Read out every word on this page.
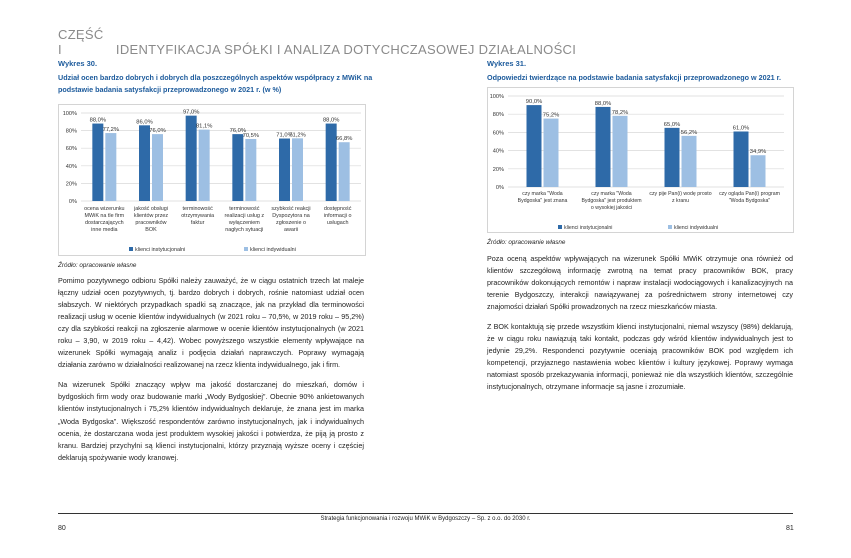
CZĘŚĆ I	IDENTYFIKACJA SPÓŁKI I ANALIZA DOTYCHCZASOWEJ DZIAŁALNOŚCI
Wykres 30.
Udział ocen bardzo dobrych i dobrych dla poszczególnych aspektów współpracy z MWiK na
podstawie badania satysfakcji przeprowadzonego w 2021 r. (w %)
0%
20%
40%
60%
80%
100%
88,0%
77,2%
ocena wizerunku
MWiK na tle firm
dostarczających
inne media
86,0%
76,0%
jakość obsługi
klientów przez
pracowników
BOK
97,0%
81,1%
terminowość
otrzymywania
faktur
76,0%
70,5%
terminowość
realizacji usług z
wyłączeniem
nagłych sytuacji
71,0%
71,2%
szybkość reakcji
Dyspozytora na
zgłoszenie o
awarii
88,0%
66,8%
dostępność
informacji o
usługach
klienci instytucjonalni	klienci indywidualni
Źródło: opracowanie własne

Pomimo pozytywnego odbioru Spółki należy zauważyć, że w ciągu ostatnich trzech lat maleje łączny udział ocen pozytywnych, tj. bardzo dobrych i dobrych, rośnie natomiast udział ocen słabszych. W niektórych przypadkach spadki są znaczące, jak na przykład dla terminowości realizacji usług w ocenie klientów indywidualnych (w 2021 roku – 70,5%, w 2019 roku – 95,2%) czy dla szybkości reakcji na zgłoszenie alarmowe w ocenie klientów instytucjonalnych (w 2021 roku – 3,90, w 2019 roku – 4,42). Wobec powyższego wszystkie elementy wpływające na wizerunek Spółki wymagają analiz i podjęcia działań naprawczych. Poprawy wymagają działania zarówno w działalności realizowanej na rzecz klienta indywidualnego, jak i firm.

Na wizerunek Spółki znaczący wpływ ma jakość dostarczanej do mieszkań, domów i bydgoskich firm wody oraz budowanie marki „Wody Bydgoskiej”. Obecnie 90% ankietowanych klientów instytucjonalnych i 75,2% klientów indywidualnych deklaruje, że znana jest im marka „Woda Bydgoska”. Większość respondentów zarówno instytucjonalnych, jak i indywidualnych ocenia, że dostarczana woda jest produktem wysokiej jakości i potwierdza, że piją ją prosto z kranu. Bardziej przychylni są klienci instytucjonalni, którzy przyznają wyższe oceny i częściej deklarują spożywanie wody kranowej.

Wykres 31.
Odpowiedzi twierdzące na podstawie badania satysfakcji przeprowadzonego w 2021 r.
0%
20%
40%
60%
80%
100%
90,0%
75,2%
czy marka "Woda
Bydgoska" jest znana
88,0%
78,2%
czy marka "Woda
Bydgoska" jest produktem
o wysokiej jakości
65,0%
56,2%
czy pije Pan(i) wodę prosto
z kranu
61,0%
34,9%
czy ogląda Pan(i) program
"Woda Bydgoska"
klienci instytucjonalni	klienci indywidualni
Źródło: opracowanie własne

Poza oceną aspektów wpływających na wizerunek Spółki MWiK otrzymuje ona również od klientów szczegółową informację zwrotną na temat pracy pracowników BOK, pracy pracowników dokonujących remontów i napraw instalacji wodociągowych i kanalizacyjnych na terenie Bydgoszczy, interakcji nawiązywanej za pośrednictwem strony internetowej czy znajomości działań Spółki prowadzonych na rzecz mieszkańców miasta.

Z BOK kontaktują się przede wszystkim klienci instytucjonalni, niemal wszyscy (98%) deklarują, że w ciągu roku nawiązują taki kontakt, podczas gdy wśród klientów indywidualnych jest to jedynie 29,2%. Respondenci pozytywnie oceniają pracowników BOK pod względem ich kompetencji, przyjaznego nastawienia wobec klientów i kultury językowej. Poprawy wymaga natomiast sposób przekazywania informacji, ponieważ nie dla wszystkich klientów, szczególnie instytucjonalnych, otrzymane informacje są jasne i zrozumiałe.

Strategia funkcjonowania i rozwoju MWiK w Bydgoszczy – Sp. z o.o. do 2030 r.
80	81
